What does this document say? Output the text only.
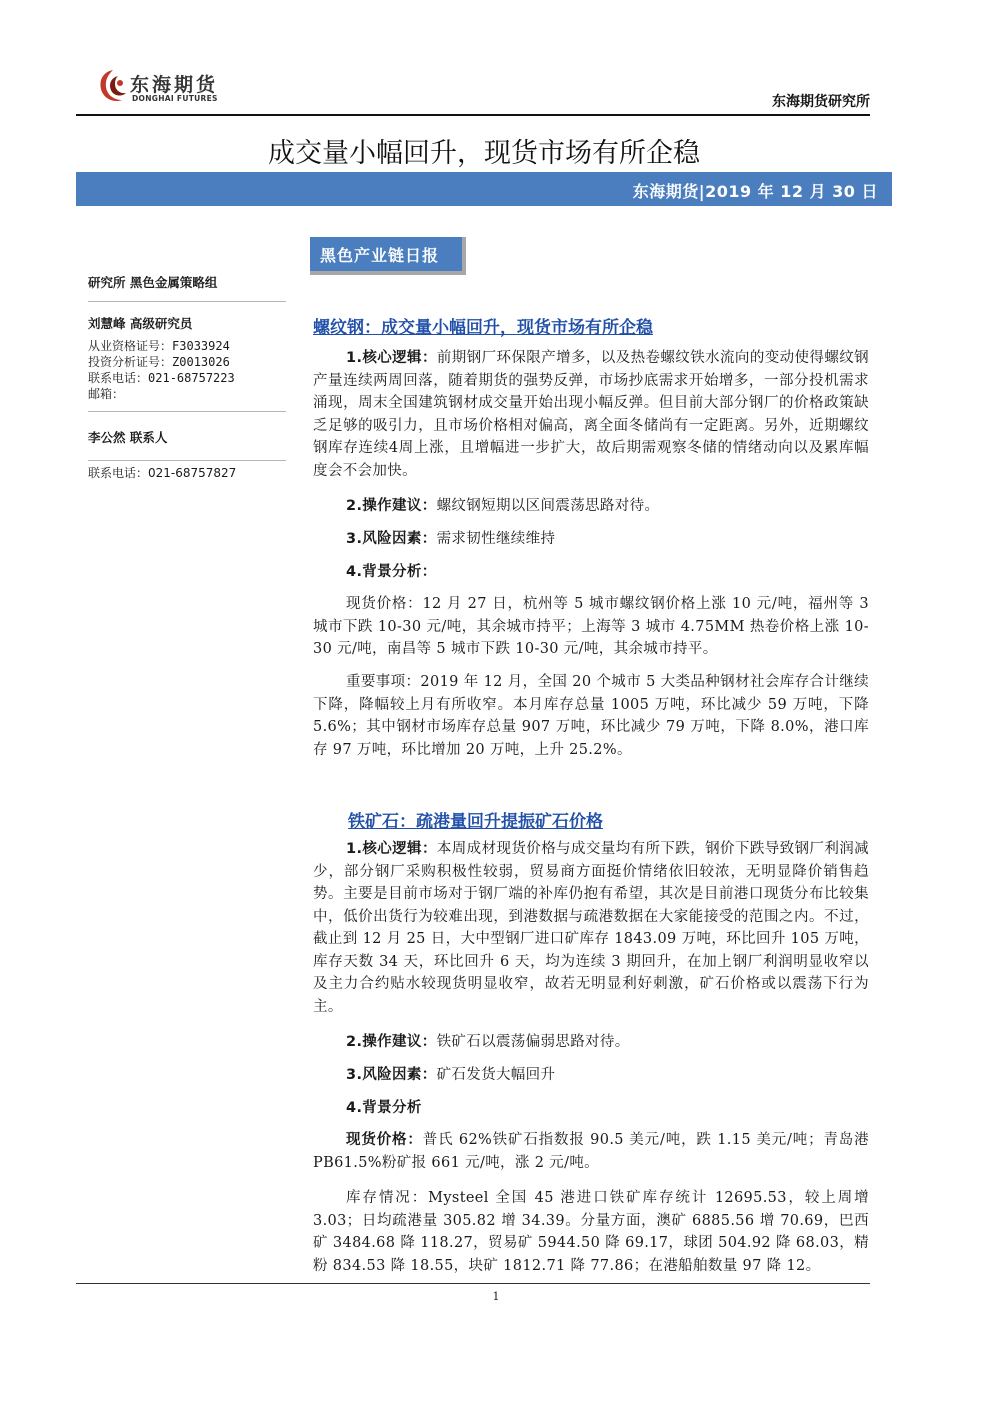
东海期货
DONGHAI FUTURES	东海期货研究所
成交量小幅回升，现货市场有所企稳
东海期货|2019 年 12 月 30 日
黑色产业链日报
研究所 黑色金属策略组
刘慧峰 高级研究员
从业资格证号：F3033924
投资分析证号：Z0013026
联系电话：021-68757223
邮箱：
李公然 联系人
联系电话：021-68757827
螺纹钢：成交量小幅回升，现货市场有所企稳
1.核心逻辑：前期钢厂环保限产增多，以及热卷螺纹铁水流向的变动使得螺纹钢产量连续两周回落，随着期货的强势反弹，市场抄底需求开始增多，一部分投机需求涌现，周末全国建筑钢材成交量开始出现小幅反弹。但目前大部分钢厂的价格政策缺乏足够的吸引力，且市场价格相对偏高，离全面冬储尚有一定距离。另外，近期螺纹钢库存连续4周上涨，且增幅进一步扩大，故后期需观察冬储的情绪动向以及累库幅度会不会加快。
2.操作建议：螺纹钢短期以区间震荡思路对待。
3.风险因素：需求韧性继续维持
4.背景分析：
现货价格：12 月 27 日，杭州等 5 城市螺纹钢价格上涨 10 元/吨，福州等 3 城市下跌 10-30 元/吨，其余城市持平；上海等 3 城市 4.75MM 热卷价格上涨 10-30 元/吨，南昌等 5 城市下跌 10-30 元/吨，其余城市持平。
重要事项：2019 年 12 月，全国 20 个城市 5 大类品种钢材社会库存合计继续下降，降幅较上月有所收窄。本月库存总量 1005 万吨，环比减少 59 万吨，下降 5.6%；其中钢材市场库存总量 907 万吨，环比减少 79 万吨，下降 8.0%，港口库存 97 万吨，环比增加 20 万吨，上升 25.2%。
铁矿石：疏港量回升提振矿石价格
1.核心逻辑：本周成材现货价格与成交量均有所下跌，钢价下跌导致钢厂利润减少，部分钢厂采购积极性较弱，贸易商方面挺价情绪依旧较浓，无明显降价销售趋势。主要是目前市场对于钢厂端的补库仍抱有希望，其次是目前港口现货分布比较集中，低价出货行为较难出现，到港数据与疏港数据在大家能接受的范围之内。不过，截止到 12 月 25 日，大中型钢厂进口矿库存 1843.09 万吨，环比回升 105 万吨，库存天数 34 天，环比回升 6 天，均为连续 3 期回升，在加上钢厂利润明显收窄以及主力合约贴水较现货明显收窄，故若无明显利好刺激，矿石价格或以震荡下行为主。
2.操作建议：铁矿石以震荡偏弱思路对待。
3.风险因素：矿石发货大幅回升
4.背景分析
现货价格：普氏 62%铁矿石指数报 90.5 美元/吨，跌 1.15 美元/吨；青岛港 PB61.5%粉矿报 661 元/吨，涨 2 元/吨。
库存情况：Mysteel 全国 45 港进口铁矿库存统计 12695.53，较上周增 3.03；日均疏港量 305.82 增 34.39。分量方面，澳矿 6885.56 增 70.69，巴西矿 3484.68 降 118.27，贸易矿 5944.50 降 69.17，球团 504.92 降 68.03，精粉 834.53 降 18.55，块矿 1812.71 降 77.86；在港船舶数量 97 降 12。
1
